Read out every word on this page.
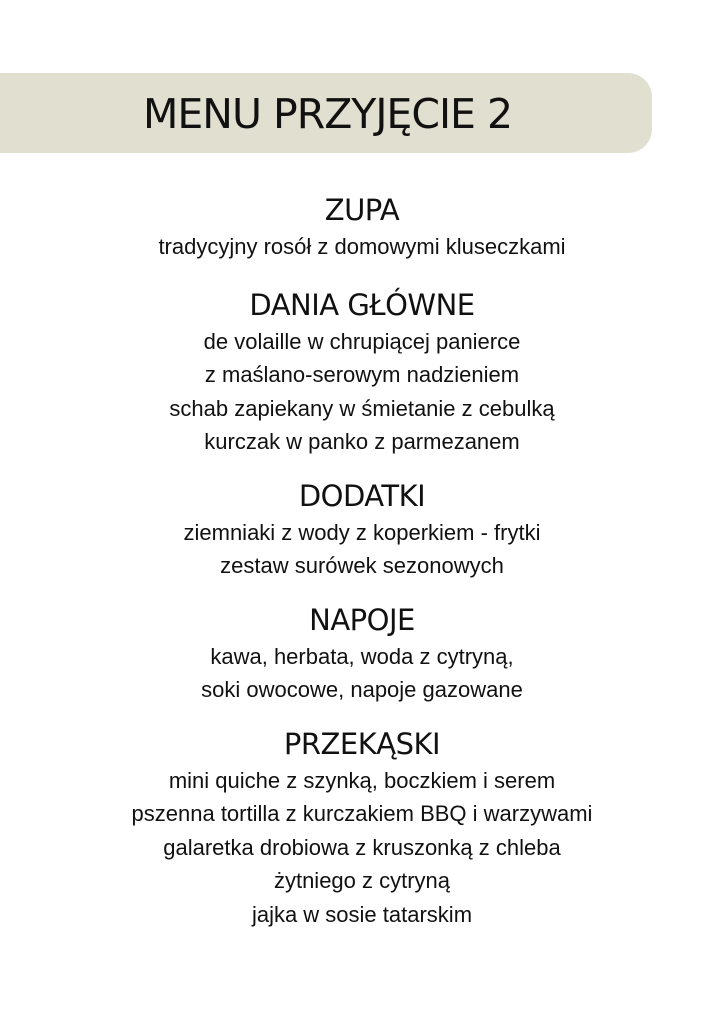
MENU PRZYJĘCIE 2
ZUPA

tradycyjny rosół z domowymi kluseczkami

DANIA GŁÓWNE

de volaille w chrupiącej panierce

z maślano-serowym nadzieniem

schab zapiekany w śmietanie z cebulką

kurczak w panko z parmezanem

DODATKI

ziemniaki z wody z koperkiem - frytki

zestaw surówek sezonowych

NAPOJE

kawa, herbata, woda z cytryną,

soki owocowe, napoje gazowane

PRZEKĄSKI

mini quiche z szynką, boczkiem i serem

pszenna tortilla z kurczakiem BBQ i warzywami

galaretka drobiowa z kruszonką z chleba

żytniego z cytryną

jajka w sosie tatarskim
